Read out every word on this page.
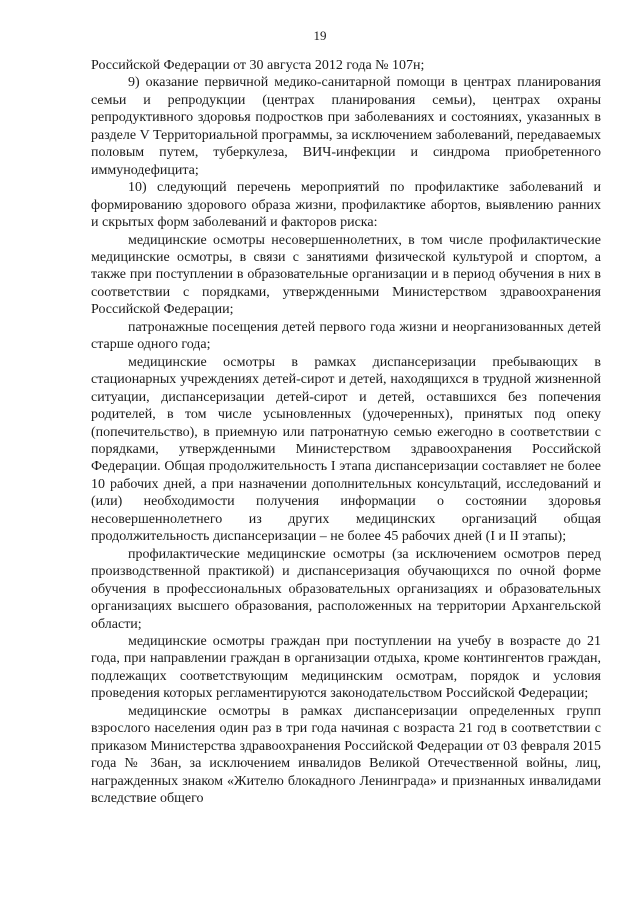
19

Российской Федерации от 30 августа 2012 года № 107н;

9) оказание первичной медико-санитарной помощи в центрах планирования семьи и репродукции (центрах планирования семьи), центрах охраны репродуктивного здоровья подростков при заболеваниях и состояниях, указанных в разделе V Территориальной программы, за исключением заболеваний, передаваемых половым путем, туберкулеза, ВИЧ-инфекции и синдрома приобретенного иммунодефицита;

10) следующий перечень мероприятий по профилактике заболеваний и формированию здорового образа жизни, профилактике абортов, выявлению ранних и скрытых форм заболеваний и факторов риска:

медицинские осмотры несовершеннолетних, в том числе профилактические медицинские осмотры, в связи с занятиями физической культурой и спортом, а также при поступлении в образовательные организации и в период обучения в них в соответствии с порядками, утвержденными Министерством здравоохранения Российской Федерации;

патронажные посещения детей первого года жизни и неорганизованных детей старше одного года;

медицинские осмотры в рамках диспансеризации пребывающих в стационарных учреждениях детей-сирот и детей, находящихся в трудной жизненной ситуации, диспансеризации детей-сирот и детей, оставшихся без попечения родителей, в том числе усыновленных (удочеренных), принятых под опеку (попечительство), в приемную или патронатную семью ежегодно в соответствии с порядками, утвержденными Министерством здравоохранения Российской Федерации. Общая продолжительность I этапа диспансеризации составляет не более 10 рабочих дней, а при назначении дополнительных консультаций, исследований и (или) необходимости получения информации о состоянии здоровья несовершеннолетнего из других медицинских организаций общая продолжительность диспансеризации – не более 45 рабочих дней (I и II этапы);

профилактические медицинские осмотры (за исключением осмотров перед производственной практикой) и диспансеризация обучающихся по очной форме обучения в профессиональных образовательных организациях и образовательных организациях высшего образования, расположенных на территории Архангельской области;

медицинские осмотры граждан при поступлении на учебу в возрасте до 21 года, при направлении граждан в организации отдыха, кроме контингентов граждан, подлежащих соответствующим медицинским осмотрам, порядок и условия проведения которых регламентируются законодательством Российской Федерации;

медицинские осмотры в рамках диспансеризации определенных групп взрослого населения один раз в три года начиная с возраста 21 год в соответствии с приказом Министерства здравоохранения Российской Федерации от 03 февраля 2015 года № 36ан, за исключением инвалидов Великой Отечественной войны, лиц, награжденных знаком «Жителю блокадного Ленинграда» и признанных инвалидами вследствие общего
